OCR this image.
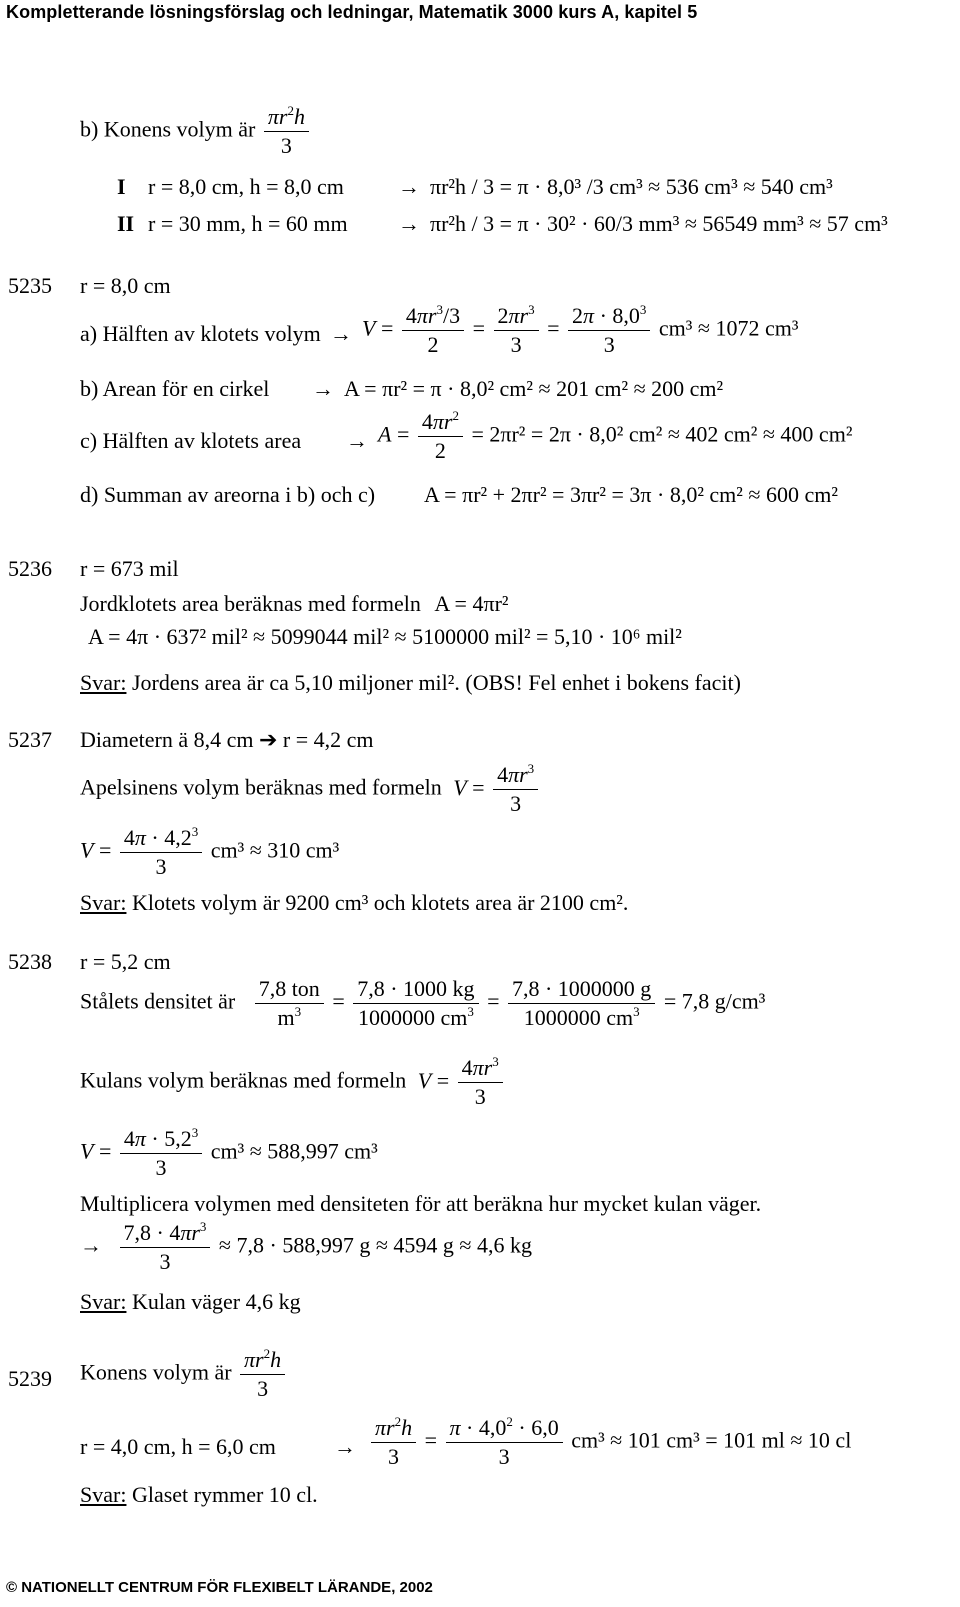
Kompletterande lösningsförslag och ledningar, Matematik 3000 kurs A, kapitel 5
b) Konens volym är $\frac{\pi r^2h}{3}$
I r = 8,0 cm, h = 8,0 cm → πr²h / 3 = π · 8,0³ /3 cm³ ≈ 536 cm³ ≈ 540 cm³
II r = 30 mm, h = 60 mm → πr²h / 3 = π · 30² · 60/3 mm³ ≈ 56549 mm³ ≈ 57 cm³
5235 r = 8,0 cm
a) Hälften av klotets volym → $V = \frac{4\pi r^3/3}{2} = \frac{2\pi r^3}{3} = \frac{2\pi \cdot 8,0^3}{3} cm^3 \approx 1072$ cm³
b) Arean för en cirkel → A = πr² = π · 8,0² cm² ≈ 201 cm² ≈ 200 cm²
c) Hälften av klotets area → $A = \frac{4\pi r^2}{2} = 2\pi r^2 = 2\pi \cdot 8,0^2$ cm² ≈ 402 cm² ≈ 400 cm²
d) Summan av areorna i b) och c) A = πr² + 2πr² = 3πr² = 3π · 8,0² cm² ≈ 600 cm²
5236 r = 673 mil
Jordklotets area beräknas med formeln A = 4πr²
A = 4π · 637² mil² ≈ 5099044 mil² ≈ 5100000 mil² = 5,10 · 10⁶ mil²
Svar: Jordens area är ca 5,10 miljoner mil². (OBS! Fel enhet i bokens facit)
5237 Diametern ä 8,4 cm ➔ r = 4,2 cm
Apelsinens volym beräknas med formeln $V = \frac{4\pi r^3}{3}$
$V = \frac{4\pi \cdot 4,2^3}{3} cm^3 \approx 310$ cm³
Svar: Klotets volym är 9200 cm³ och klotets area är 2100 cm².
5238 r = 5,2 cm
Stålets densitet är $\frac{\text{7,8 ton}}{m^3} = \frac{7,8 \cdot 1000 kg}{1000000 cm^3} = \frac{7,8 \cdot 1000000 g}{1000000 cm^3} = 7,8$ g/cm³
Kulans volym beräknas med formeln $V = \frac{4\pi r^3}{3}$
$V = \frac{4\pi \cdot 5,2^3}{3} cm^3 \approx 588,997$ cm³
Multiplicera volymen med densiteten för att beräkna hur mycket kulan väger.
→ $\frac{7,8 \cdot 4\pi r^3}{3} \approx 7,8 \cdot 588,997$ g ≈ 4594 g ≈ 4,6 kg
Svar: Kulan väger 4,6 kg
5239 Konens volym är $\frac{\pi r^2h}{3}$
r = 4,0 cm, h = 6,0 cm	→ $\frac{\pi r^2h}{3} = \frac{\pi \cdot 4,0^2 \cdot 6,0}{3} cm^3 \approx 101$ cm³ = 101 ml ≈ 10 cl
Svar: Glaset rymmer 10 cl.
© NATIONELLT CENTRUM FÖR FLEXIBELT LÄRANDE, 2002
